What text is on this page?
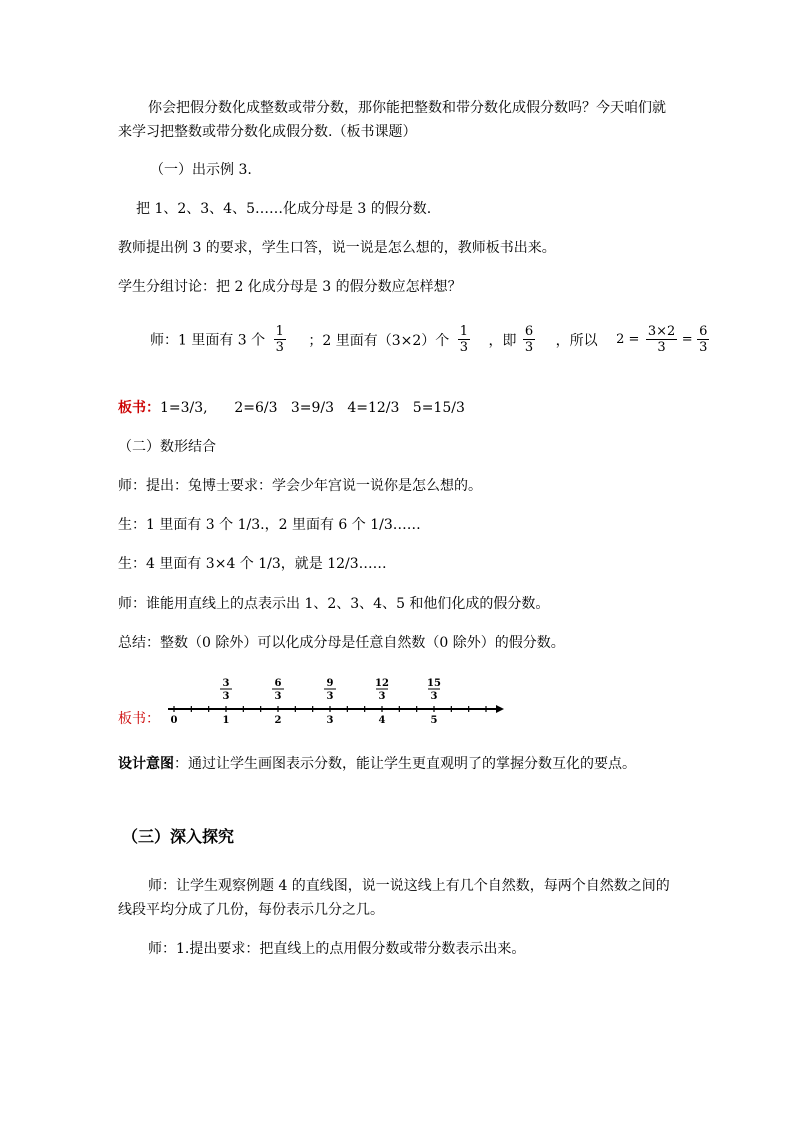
你会把假分数化成整数或带分数，那你能把整数和带分数化成假分数吗？今天咱们就来学习把整数或带分数化成假分数.（板书课题）
（一）出示例 3.
把 1、2、3、4、5……化成分母是 3 的假分数.
教师提出例 3 的要求，学生口答，说一说是怎么想的，教师板书出来。
学生分组讨论：把 2 化成分母是 3 的假分数应怎样想？
师：1 里面有 3 个 $\frac{1}{3}$ ；2 里面有（3×2）个 $\frac{1}{3}$ ，即 $\frac{6}{3}$ ，所以 $2 = \frac{3\times 2}{3} = \frac{6}{3}$
板书：1=3/3,      2=6/3   3=9/3   4=12/3   5=15/3
（二）数形结合
师：提出：兔博士要求：学会少年宫说一说你是怎么想的。
生：1 里面有 3 个 1/3.，2 里面有 6 个 1/3……
生：4 里面有 3×4 个 1/3，就是 12/3……
师：谁能用直线上的点表示出 1、2、3、4、5 和他们化成的假分数。
总结：整数（0 除外）可以化成分母是任意自然数（0 除外）的假分数。
板书： 0	1	2	3	4	5
3
3
6
3
9
3
12
3
15
3
设计意图：通过让学生画图表示分数，能让学生更直观明了的掌握分数互化的要点。
（三）深入探究
师：让学生观察例题 4 的直线图，说一说这线上有几个自然数，每两个自然数之间的线段平均分成了几份，每份表示几分之几。
师：1.提出要求：把直线上的点用假分数或带分数表示出来。
